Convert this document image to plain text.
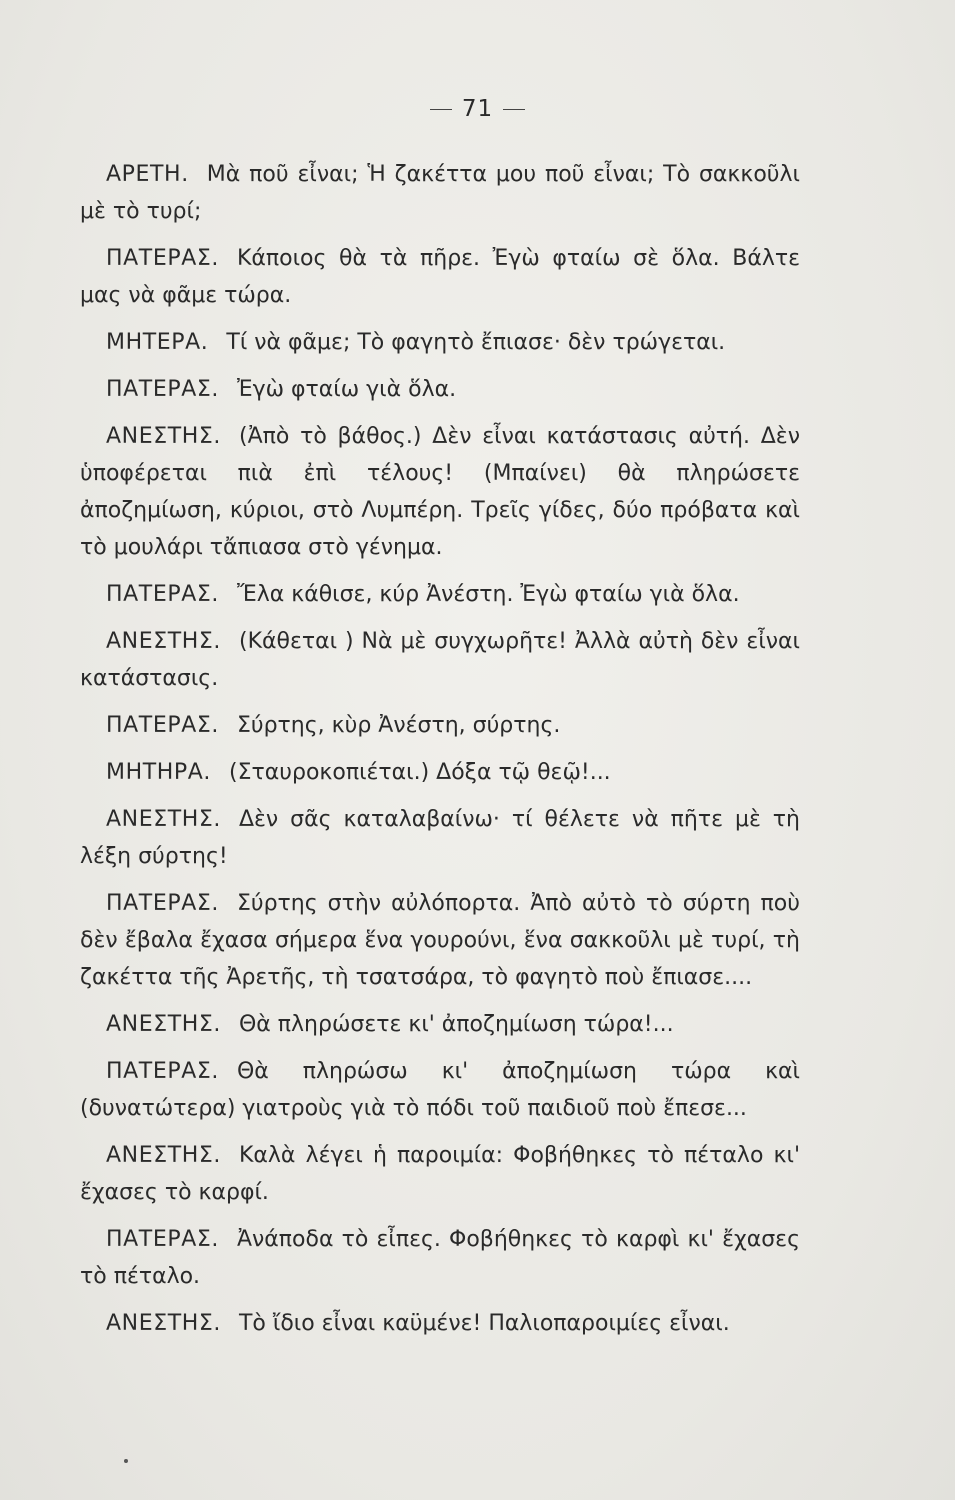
71

ΑΡΕΤΗ. Μὰ ποῦ εἶναι; Ἡ ζακέττα μου ποῦ εἶναι; Τὸ σακκοῦλι μὲ τὸ τυρί;

ΠΑΤΕΡΑΣ. Κάποιος θὰ τὰ πῆρε. Ἐγὼ φταίω σὲ ὅλα. Βάλτε μας νὰ φᾶμε τώρα.

ΜΗΤΕΡΑ. Τί νὰ φᾶμε; Τὸ φαγητὸ ἔπιασε· δὲν τρώγεται.

ΠΑΤΕΡΑΣ. Ἐγὼ φταίω γιὰ ὅλα.

ΑΝΕΣΤΗΣ. (Ἀπὸ τὸ βάθος.) Δὲν εἶναι κατάστασις αὐτή. Δὲν ὑποφέρεται πιὰ ἐπὶ τέλους! (Μπαίνει) θὰ πληρώσετε ἀποζημίωση, κύριοι, στὸ Λυμπέρη. Τρεῖς γίδες, δύο πρόβατα καὶ τὸ μουλάρι τἄπιασα στὸ γένημα.

ΠΑΤΕΡΑΣ. Ἔλα κάθισε, κύρ Ἀνέστη. Ἐγὼ φταίω γιὰ ὅλα.

ΑΝΕΣΤΗΣ. (Κάθεται ) Νὰ μὲ συγχωρῆτε! Ἀλλὰ αὐτὴ δὲν εἶναι κατάστασις.

ΠΑΤΕΡΑΣ. Σύρτης, κὺρ Ἀνέστη, σύρτης.

ΜΗΤΗΡΑ. (Σταυροκοπιέται.) Δόξα τῷ θεῷ!...

ΑΝΕΣΤΗΣ. Δὲν σᾶς καταλαβαίνω· τί θέλετε νὰ πῆτε μὲ τὴ λέξη σύρτης!

ΠΑΤΕΡΑΣ. Σύρτης στὴν αὐλόπορτα. Ἀπὸ αὐτὸ τὸ σύρτη ποὺ δὲν ἔβαλα ἔχασα σήμερα ἕνα γουρούνι, ἕνα σακκοῦλι μὲ τυρί, τὴ ζακέττα τῆς Ἀρετῆς, τὴ τσατσάρα, τὸ φαγητὸ ποὺ ἔπιασε....

ΑΝΕΣΤΗΣ. Θὰ πληρώσετε κι' ἀποζημίωση τώρα!...

ΠΑΤΕΡΑΣ. Θὰ πληρώσω κι' ἀποζημίωση τώρα καὶ (δυνατώτερα) γιατροὺς γιὰ τὸ πόδι τοῦ παιδιοῦ ποὺ ἔπεσε...

ΑΝΕΣΤΗΣ. Καλὰ λέγει ἡ παροιμία: Φοβήθηκες τὸ πέταλο κι' ἔχασες τὸ καρφί.

ΠΑΤΕΡΑΣ. Ἀνάποδα τὸ εἶπες. Φοβήθηκες τὸ καρφὶ κι' ἔχασες τὸ πέταλο.

ΑΝΕΣΤΗΣ. Τὸ ἴδιο εἶναι καϋμένε! Παλιοπαροιμίες εἶναι.
